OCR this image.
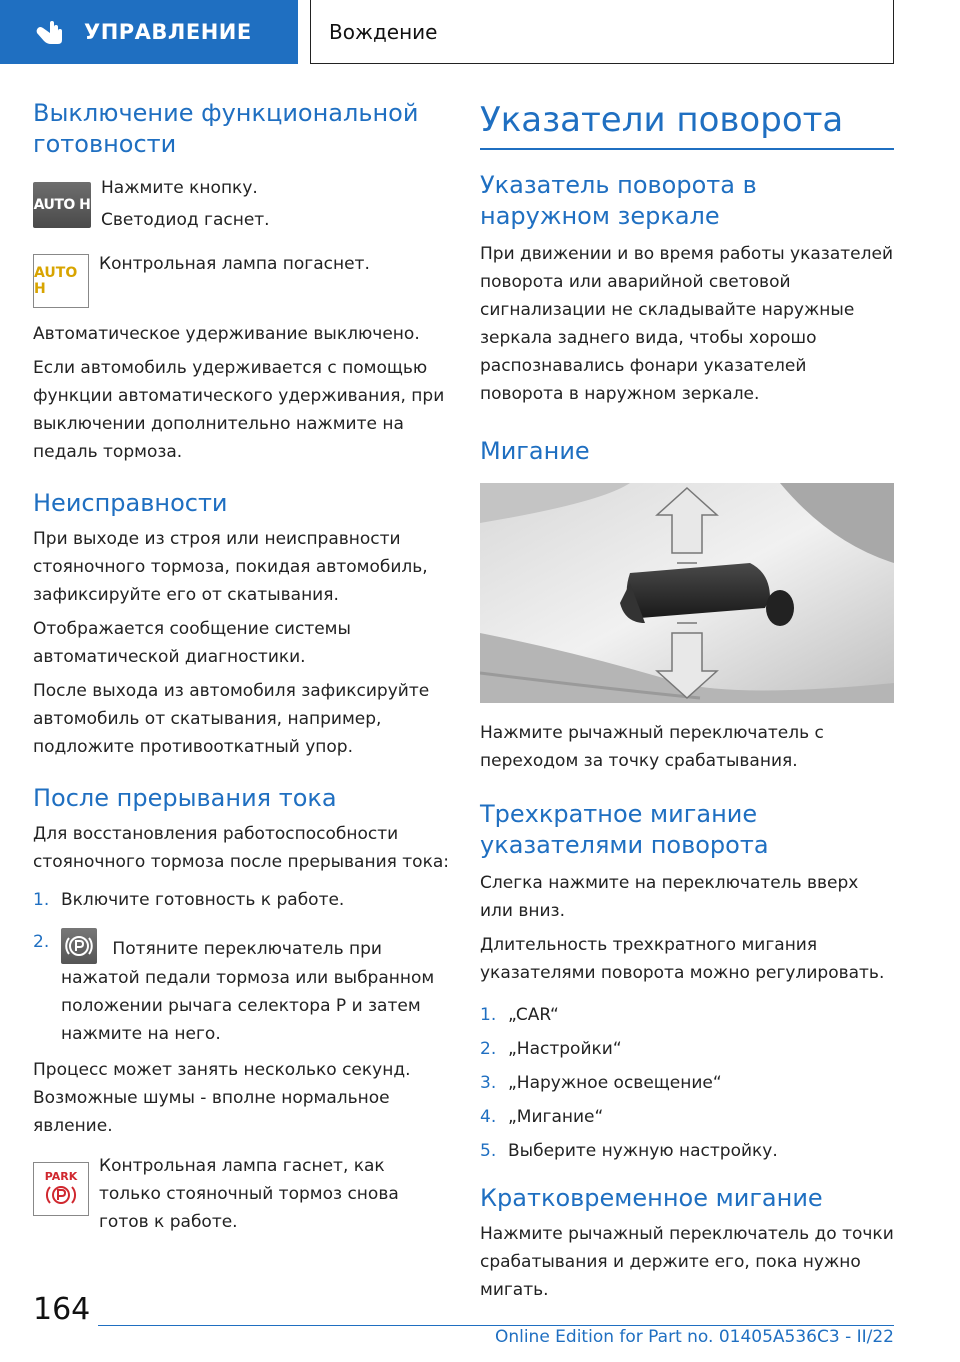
УПРАВЛЕНИЕ	Вождение
Выключение функциональной готовности
AUTO H

Нажмите кнопку.

Светодиод гаснет.

AUTO H

Контрольная лампа погаснет.

Автоматическое удерживание выключено.

Если автомобиль удерживается с помощью функции автоматического удерживания, при выключении дополнительно нажмите на педаль тормоза.

Неисправности

При выходе из строя или неисправности стояночного тормоза, покидая автомобиль, зафиксируйте его от скатывания.

Отображается сообщение системы автоматической диагностики.

После выхода из автомобиля зафиксируйте автомобиль от скатывания, например, подложите противооткатный упор.

После прерывания тока

Для восстановления работоспособности стояночного тормоза после прерывания тока:

1. Включите готовность к работе.
2.	Потяните переключатель при нажатой педали тормоза или выбранном положении рычага селектора P и затем нажмите на него.

Процесс может занять несколько секунд. Возможные шумы - вполне нормальное явление.

PARK

Контрольная лампа гаснет, как только стояночный тормоз снова готов к работе.

Указатели поворота
Указатель поворота в наружном зеркале

При движении и во время работы указателей поворота или аварийной световой сигнализации не складывайте наружные зеркала заднего вида, чтобы хорошо распознавались фонари указателей поворота в наружном зеркале.

Мигание

Нажмите рычажный переключатель с переходом за точку срабатывания.

Трехкратное мигание указателями поворота

Слегка нажмите на переключатель вверх или вниз.

Длительность трехкратного мигания указателями поворота можно регулировать.

1. „CAR“
2. „Настройки“
3. „Наружное освещение“
4. „Мигание“
5. Выберите нужную настройку.
Кратковременное мигание

Нажмите рычажный переключатель до точки срабатывания и держите его, пока нужно мигать.

164
Online Edition for Part no. 01405A536C3 - II/22
